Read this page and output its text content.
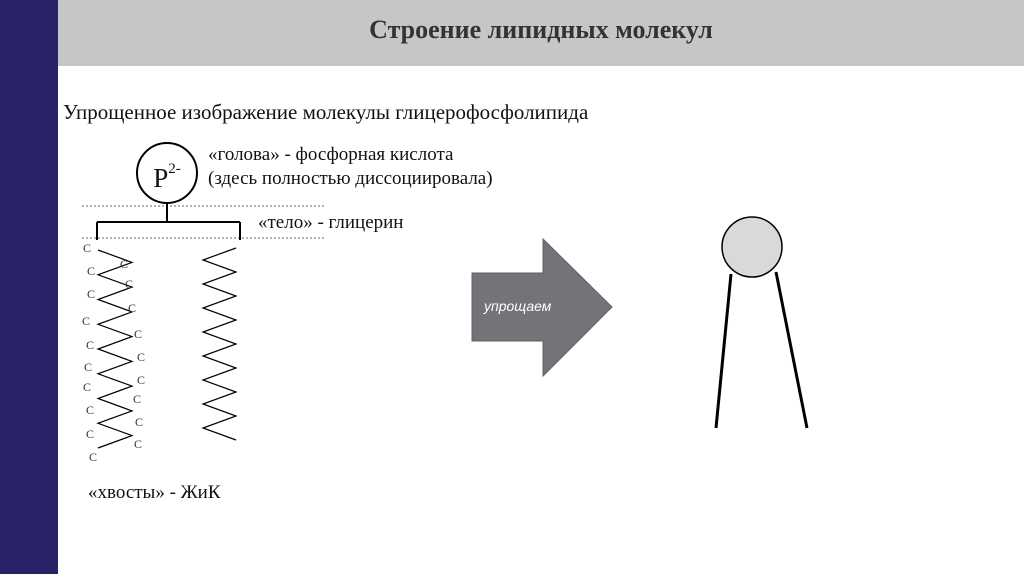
Строение липидных молекул
Упрощенное изображение молекулы глицерофосфолипида
C
C C
C
C
C
C
C
C
C
C
C	C
C
C
C
C
C
C
$P^{2-}$
«голова» - фосфорная кислота
(здесь полностью диссоциировала)
«тело» - глицерин
«хвосты» - ЖиК
упрощаем
